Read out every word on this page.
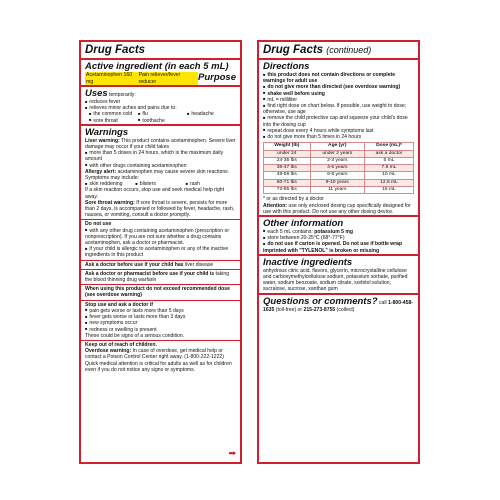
Drug Facts
Active ingredient (in each 5 mL)
Purpose
Acetaminophen 160 mg
Pain reliever/fever reducer
Uses temporarily:
■ reduces fever
■ relieves minor aches and pains due to:
■ the common cold	■ flu	■ headache
■ sore throat	■ toothache
Warnings
Liver warning: This product contains acetaminophen. Severe liver damage may occur if your child takes
■ more than 5 doses in 24 hours, which is the maximum daily amount
■ with other drugs containing acetaminophen
Allergy alert: acetaminophen may cause severe skin reactions. Symptoms may include:
■ skin reddening	■ blisters	■ rash
If a skin reaction occurs, stop use and seek medical help right away.
Sore throat warning: If sore throat is severe, persists for more than 2 days, is accompanied or followed by fever, headache, rash, nausea, or vomiting, consult a doctor promptly.
Do not use
■ with any other drug containing acetaminophen (prescription or nonprescription). If you are not sure whether a drug contains acetaminophen, ask a doctor or pharmacist.
■ if your child is allergic to acetaminophen or any of the inactive ingredients in this product
Ask a doctor before use if your child has liver disease
Ask a doctor or pharmacist before use if your child is taking the blood thinning drug warfarin
When using this product do not exceed recommended dose (see overdose warning)
Stop use and ask a doctor if
■ pain gets worse or lasts more than 5 days
■ fever gets worse or lasts more than 3 days
■ new symptoms occur
■ redness or swelling is present
These could be signs of a serious condition.
Keep out of reach of children.
Overdose warning: In case of overdose, get medical help or contact a Poison Control Center right away. (1-800-222-1222) Quick medical attention is critical for adults as well as for children even if you do not notice any signs or symptoms.
➡
Drug Facts (continued)
Directions
■ this product does not contain directions or complete warnings for adult use
■ do not give more than directed (see overdose warning)
■ shake well before using
■ mL = milliliter
■ find right dose on chart below. If possible, use weight to dose; otherwise, use age
■ remove the child protective cap and squeeze your child's dose into the dosing cup
■ repeat dose every 4 hours while symptoms last
■ do not give more than 5 times in 24 hours
Weight (lb)	Age (yr)	Dose (mL)*
under 24	under 2 years	ask a doctor
24-35 lbs	2-3 years	5 mL
36-47 lbs	4-5 years	7.5 mL
48-59 lbs	6-8 years	10 mL
60-71 lbs	9-10 years	12.5 mL
72-95 lbs	11 years	15 mL
* or as directed by a doctor
Attention: use only enclosed dosing cup specifically designed for use with this product. Do not use any other dosing device.
Other information
■ each 5 mL contains: potassium 5 mg
■ store between 20-25°C (68°-77°F)
■ do not use if carton is opened. Do not use if bottle wrap imprinted with "TYLENOL" is broken or missing
Inactive ingredients
anhydrous citric acid, flavors, glycerin, microcrystalline cellulose and carboxymethylcellulose sodium, potassium sorbate, purified water, sodium benzoate, sodium citrate, sorbitol solution, sucralose, sucrose, xanthan gum
Questions or comments? call 1-800-458-1635 (toll-free) or 215-273-8755 (collect)
